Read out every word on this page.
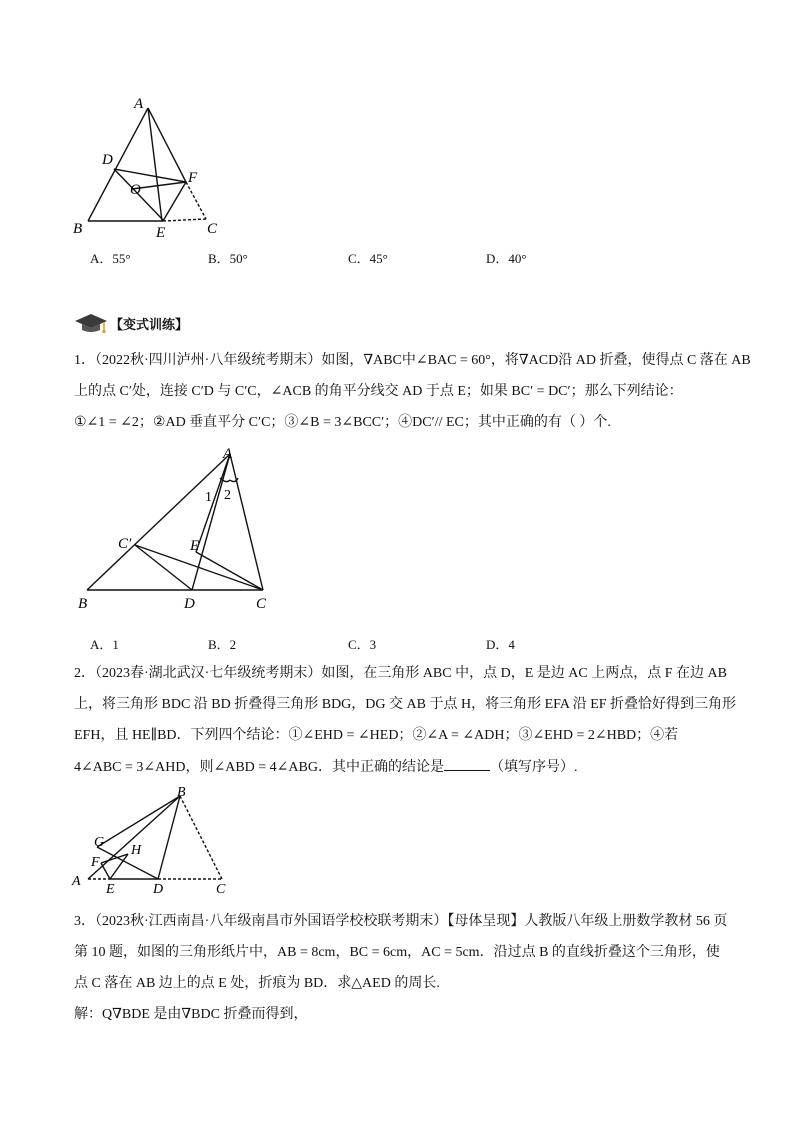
A
D
F
O
B	E	C
A．55°	B．50°	C．45°	D．40°
【变式训练】
1．（2022秋·四川泸州·八年级统考期末）如图，∇ABC中∠BAC = 60°，将∇ACD沿 AD 折叠，使得点 C 落在 AB
上的点 C′处，连接 C′D 与 C′C，∠ACB 的角平分线交 AD 于点 E；如果 BC′ = DC′；那么下列结论：
①∠1 = ∠2；②AD 垂直平分 C′C；③∠B = 3∠BCC′；④DC′// EC；其中正确的有（ ）个.
A
1 2
C′	E
B	D	C
A．1	B．2	C．3	D．4
2．（2023春·湖北武汉·七年级统考期末）如图，在三角形 ABC 中，点 D，E 是边 AC 上两点，点 F 在边 AB
上，将三角形 BDC 沿 BD 折叠得三角形 BDG，DG 交 AB 于点 H，将三角形 EFA 沿 EF 折叠恰好得到三角形
EFH，且 HE∥BD．下列四个结论：①∠EHD = ∠HED；②∠A = ∠ADH；③∠EHD = 2∠HBD；④若
4∠ABC = 3∠AHD，则∠ABD = 4∠ABG．其中正确的结论是	（填写序号）.
B
G
H
F
A
E	D	C
3．（2023秋·江西南昌·八年级南昌市外国语学校校联考期末）【母体呈现】人教版八年级上册数学教材 56 页
第 10 题，如图的三角形纸片中，AB = 8cm，BC = 6cm，AC = 5cm．沿过点 B 的直线折叠这个三角形，使
点 C 落在 AB 边上的点 E 处，折痕为 BD．求△AED 的周长.
解：Q∇BDE 是由∇BDC 折叠而得到，
